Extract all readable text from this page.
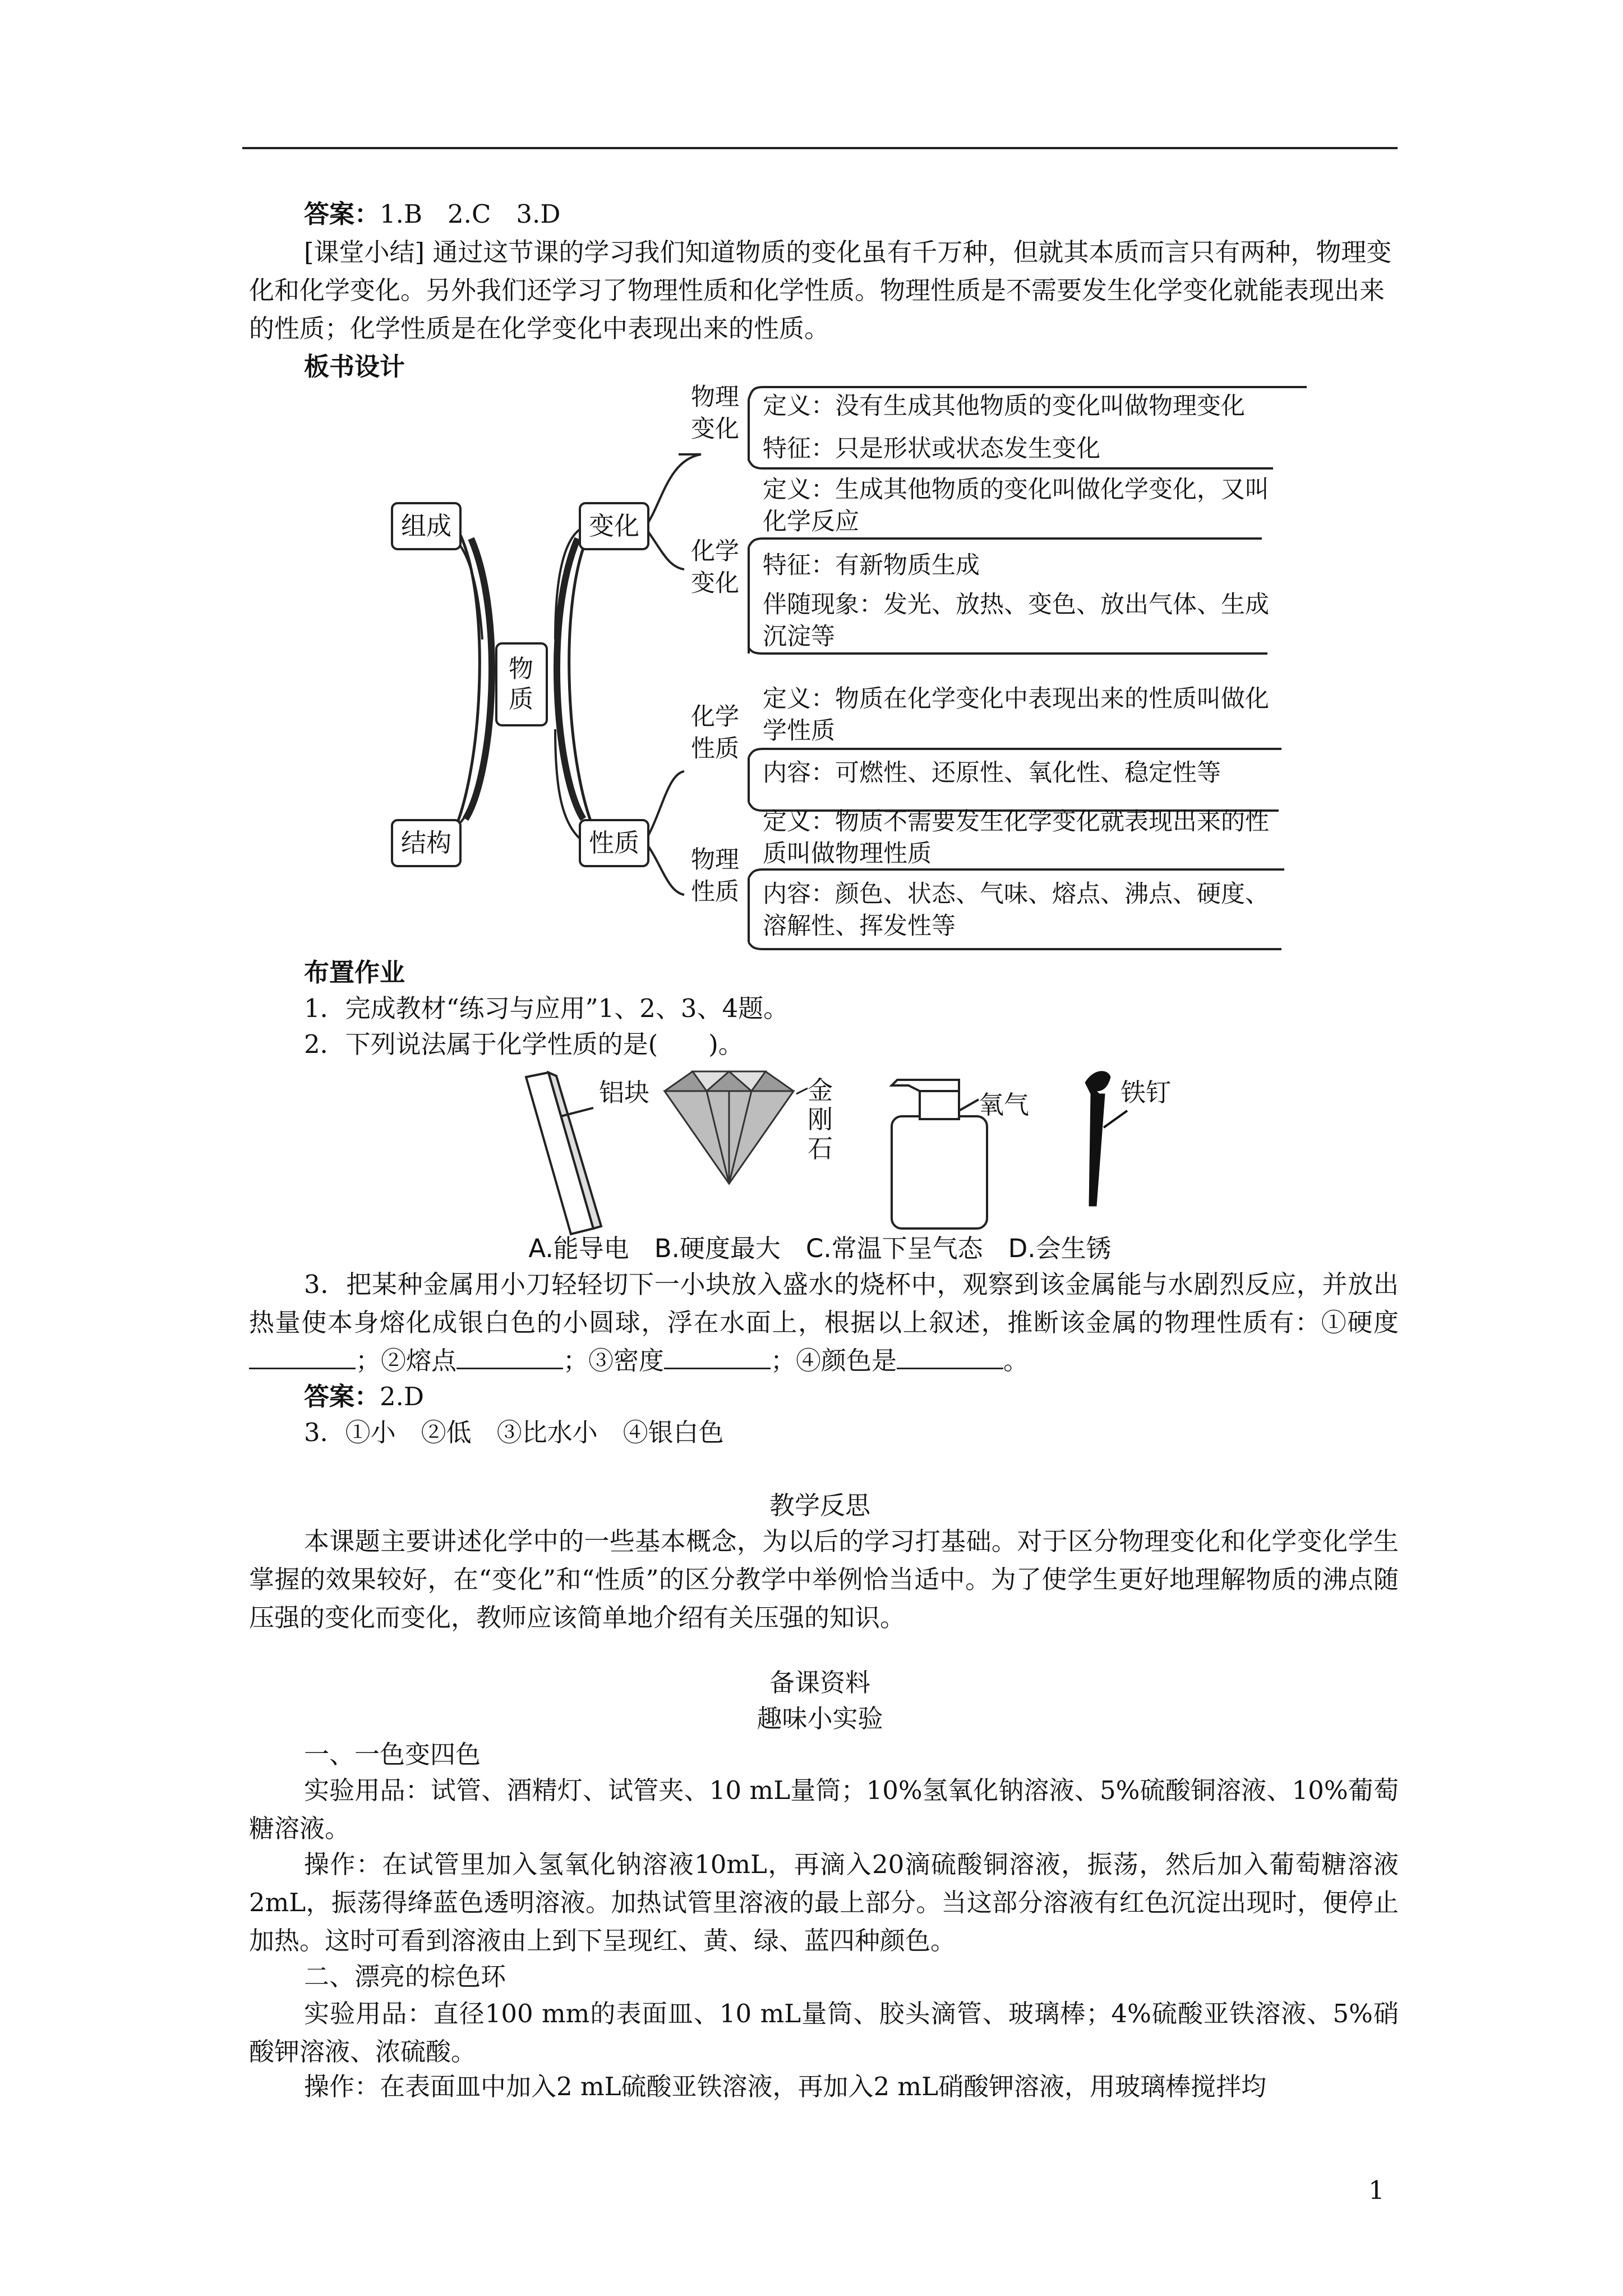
答案：1.B　2.C　3.D

[课堂小结] 通过这节课的学习我们知道物质的变化虽有千万种，但就其本质而言只有两种，物理变化和化学变化。另外我们还学习了物理性质和化学性质。物理性质是不需要发生化学变化就能表现出来的性质；化学性质是在化学变化中表现出来的性质。

板书设计

组成
结构
物质
变化
性质
物理变化
化学变化
化学性质
物理性质
定义：没有生成其他物质的变化叫做物理变化
特征：只是形状或状态发生变化
定义：生成其他物质的变化叫做化学变化，又叫化学反应
特征：有新物质生成
伴随现象：发光、放热、变色、放出气体、生成沉淀等
定义：物质在化学变化中表现出来的性质叫做化学性质
内容：可燃性、还原性、氧化性、稳定性等
定义：物质不需要发生化学变化就表现出来的性质叫做物理性质
内容：颜色、状态、气味、熔点、沸点、硬度、溶解性、挥发性等

布置作业

1．完成教材“练习与应用”1、2、3、4题。

2．下列说法属于化学性质的是(　　)。

铝块	金刚石
氧气	铁钉
A.能导电　B.硬度最大　C.常温下呈气态　D.会生锈

3．把某种金属用小刀轻轻切下一小块放入盛水的烧杯中，观察到该金属能与水剧烈反应，并放出热量使本身熔化成银白色的小圆球，浮在水面上，根据以上叙述，推断该金属的物理性质有：①硬度；②熔点	；③密度	；④颜色是	。

答案：2.D

3．①小　②低　③比水小　④银白色

教学反思

本课题主要讲述化学中的一些基本概念，为以后的学习打基础。对于区分物理变化和化学变化学生掌握的效果较好，在“变化”和“性质”的区分教学中举例恰当适中。为了使学生更好地理解物质的沸点随压强的变化而变化，教师应该简单地介绍有关压强的知识。

备课资料
趣味小实验

一、一色变四色

实验用品：试管、酒精灯、试管夹、10 mL量筒；10%氢氧化钠溶液、5%硫酸铜溶液、10%葡萄糖溶液。

操作：在试管里加入氢氧化钠溶液10mL，再滴入20滴硫酸铜溶液，振荡，然后加入葡萄糖溶液2mL，振荡得绛蓝色透明溶液。加热试管里溶液的最上部分。当这部分溶液有红色沉淀出现时，便停止加热。这时可看到溶液由上到下呈现红、黄、绿、蓝四种颜色。

二、漂亮的棕色环

实验用品：直径100 mm的表面皿、10 mL量筒、胶头滴管、玻璃棒；4%硫酸亚铁溶液、5%硝酸钾溶液、浓硫酸。

操作：在表面皿中加入2 mL硫酸亚铁溶液，再加入2 mL硝酸钾溶液，用玻璃棒搅拌均

1
